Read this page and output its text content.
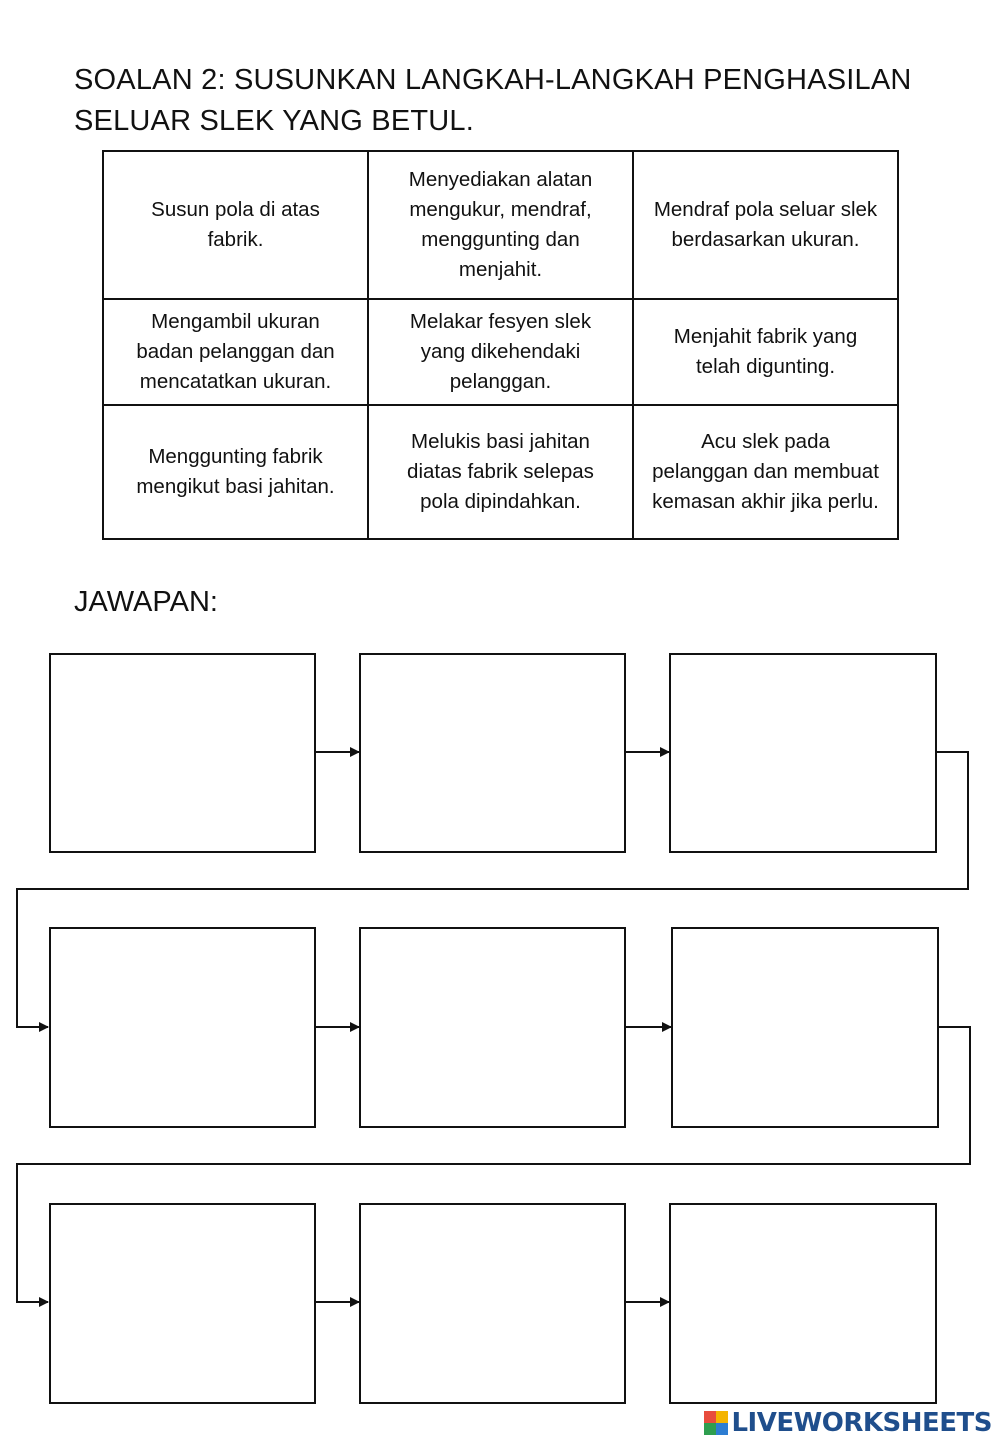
SOALAN 2: SUSUNKAN LANGKAH-LANGKAH PENGHASILAN SELUAR SLEK YANG BETUL.
Susun pola di atas fabrik.	Menyediakan alatan mengukur, mendraf, menggunting dan menjahit.	Mendraf pola seluar slek berdasarkan ukuran.
Mengambil ukuran badan pelanggan dan mencatatkan ukuran.	Melakar fesyen slek yang dikehendaki pelanggan.	Menjahit fabrik yang telah digunting.
Menggunting fabrik mengikut basi jahitan.	Melukis basi jahitan diatas fabrik selepas pola dipindahkan.	Acu slek pada pelanggan dan membuat kemasan akhir jika perlu.
JAWAPAN:
LIVEWORKSHEETS
